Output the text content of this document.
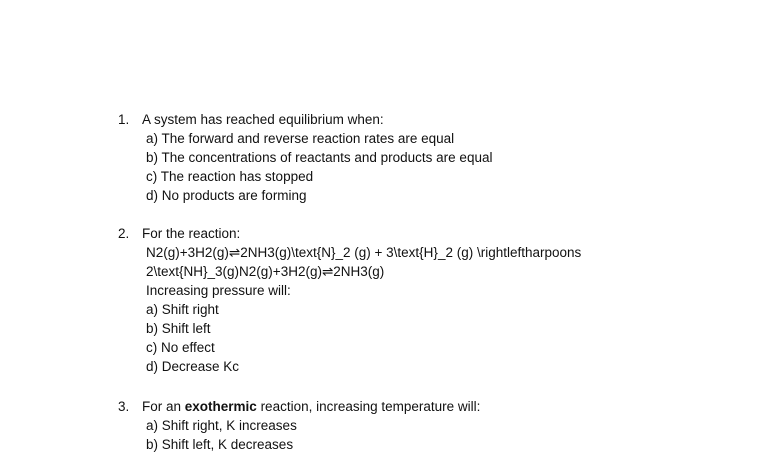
1. A system has reached equilibrium when:
a) The forward and reverse reaction rates are equal
b) The concentrations of reactants and products are equal
c) The reaction has stopped
d) No products are forming
2. For the reaction:
N2(g)+3H2(g)⇌2NH3(g)\text{N}_2 (g) + 3\text{H}_2 (g) \rightleftharpoons
2\text{NH}_3(g)N2(g)+3H2(g)⇌2NH3(g)
Increasing pressure will:
a) Shift right
b) Shift left
c) No effect
d) Decrease Kc
3. For an exothermic reaction, increasing temperature will:
a) Shift right, K increases
b) Shift left, K decreases
